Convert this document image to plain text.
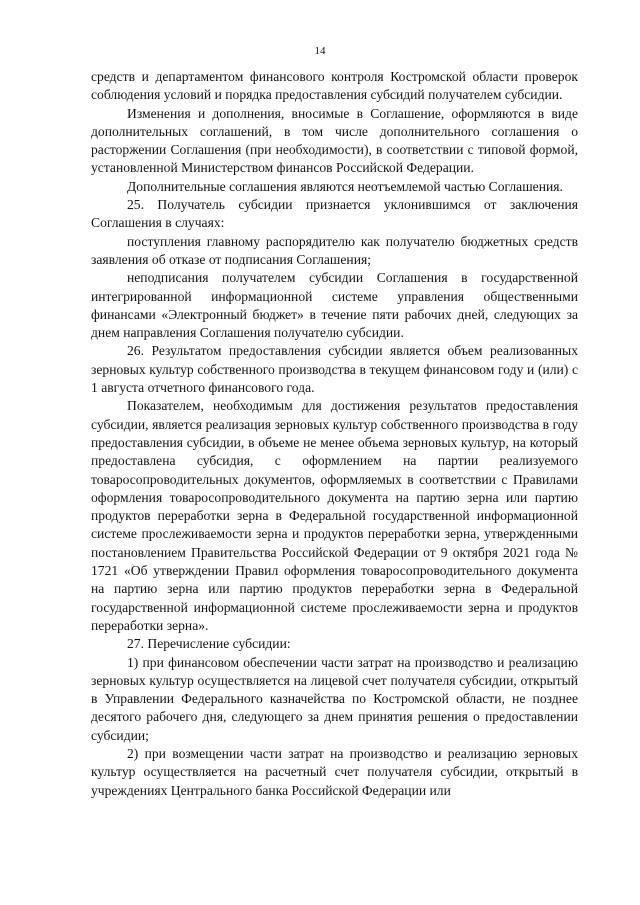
14

средств и департаментом финансового контроля Костромской области проверок соблюдения условий и порядка предоставления субсидий получателем субсидии.

Изменения и дополнения, вносимые в Соглашение, оформляются в виде дополнительных соглашений, в том числе дополнительного соглашения о расторжении Соглашения (при необходимости), в соответствии с типовой формой, установленной Министерством финансов Российской Федерации.

Дополнительные соглашения являются неотъемлемой частью Соглашения.

25. Получатель субсидии признается уклонившимся от заключения Соглашения в случаях:

поступления главному распорядителю как получателю бюджетных средств заявления об отказе от подписания Соглашения;

неподписания получателем субсидии Соглашения в государственной интегрированной информационной системе управления общественными финансами «Электронный бюджет» в течение пяти рабочих дней, следующих за днем направления Соглашения получателю субсидии.

26. Результатом предоставления субсидии является объем реализованных зерновых культур собственного производства в текущем финансовом году и (или) с 1 августа отчетного финансового года.

Показателем, необходимым для достижения результатов предоставления субсидии, является реализация зерновых культур собственного производства в году предоставления субсидии, в объеме не менее объема зерновых культур, на который предоставлена субсидия, с оформлением на партии реализуемого товаросопроводительных документов, оформляемых в соответствии с Правилами оформления товаросопроводительного документа на партию зерна или партию продуктов переработки зерна в Федеральной государственной информационной системе прослеживаемости зерна и продуктов переработки зерна, утвержденными постановлением Правительства Российской Федерации от 9 октября 2021 года № 1721 «Об утверждении Правил оформления товаросопроводительного документа на партию зерна или партию продуктов переработки зерна в Федеральной государственной информационной системе прослеживаемости зерна и продуктов переработки зерна».

27. Перечисление субсидии:

1) при финансовом обеспечении части затрат на производство и реализацию зерновых культур осуществляется на лицевой счет получателя субсидии, открытый в Управлении Федерального казначейства по Костромской области, не позднее десятого рабочего дня, следующего за днем принятия решения о предоставлении субсидии;

2) при возмещении части затрат на производство и реализацию зерновых культур осуществляется на расчетный счет получателя субсидии, открытый в учреждениях Центрального банка Российской Федерации или
